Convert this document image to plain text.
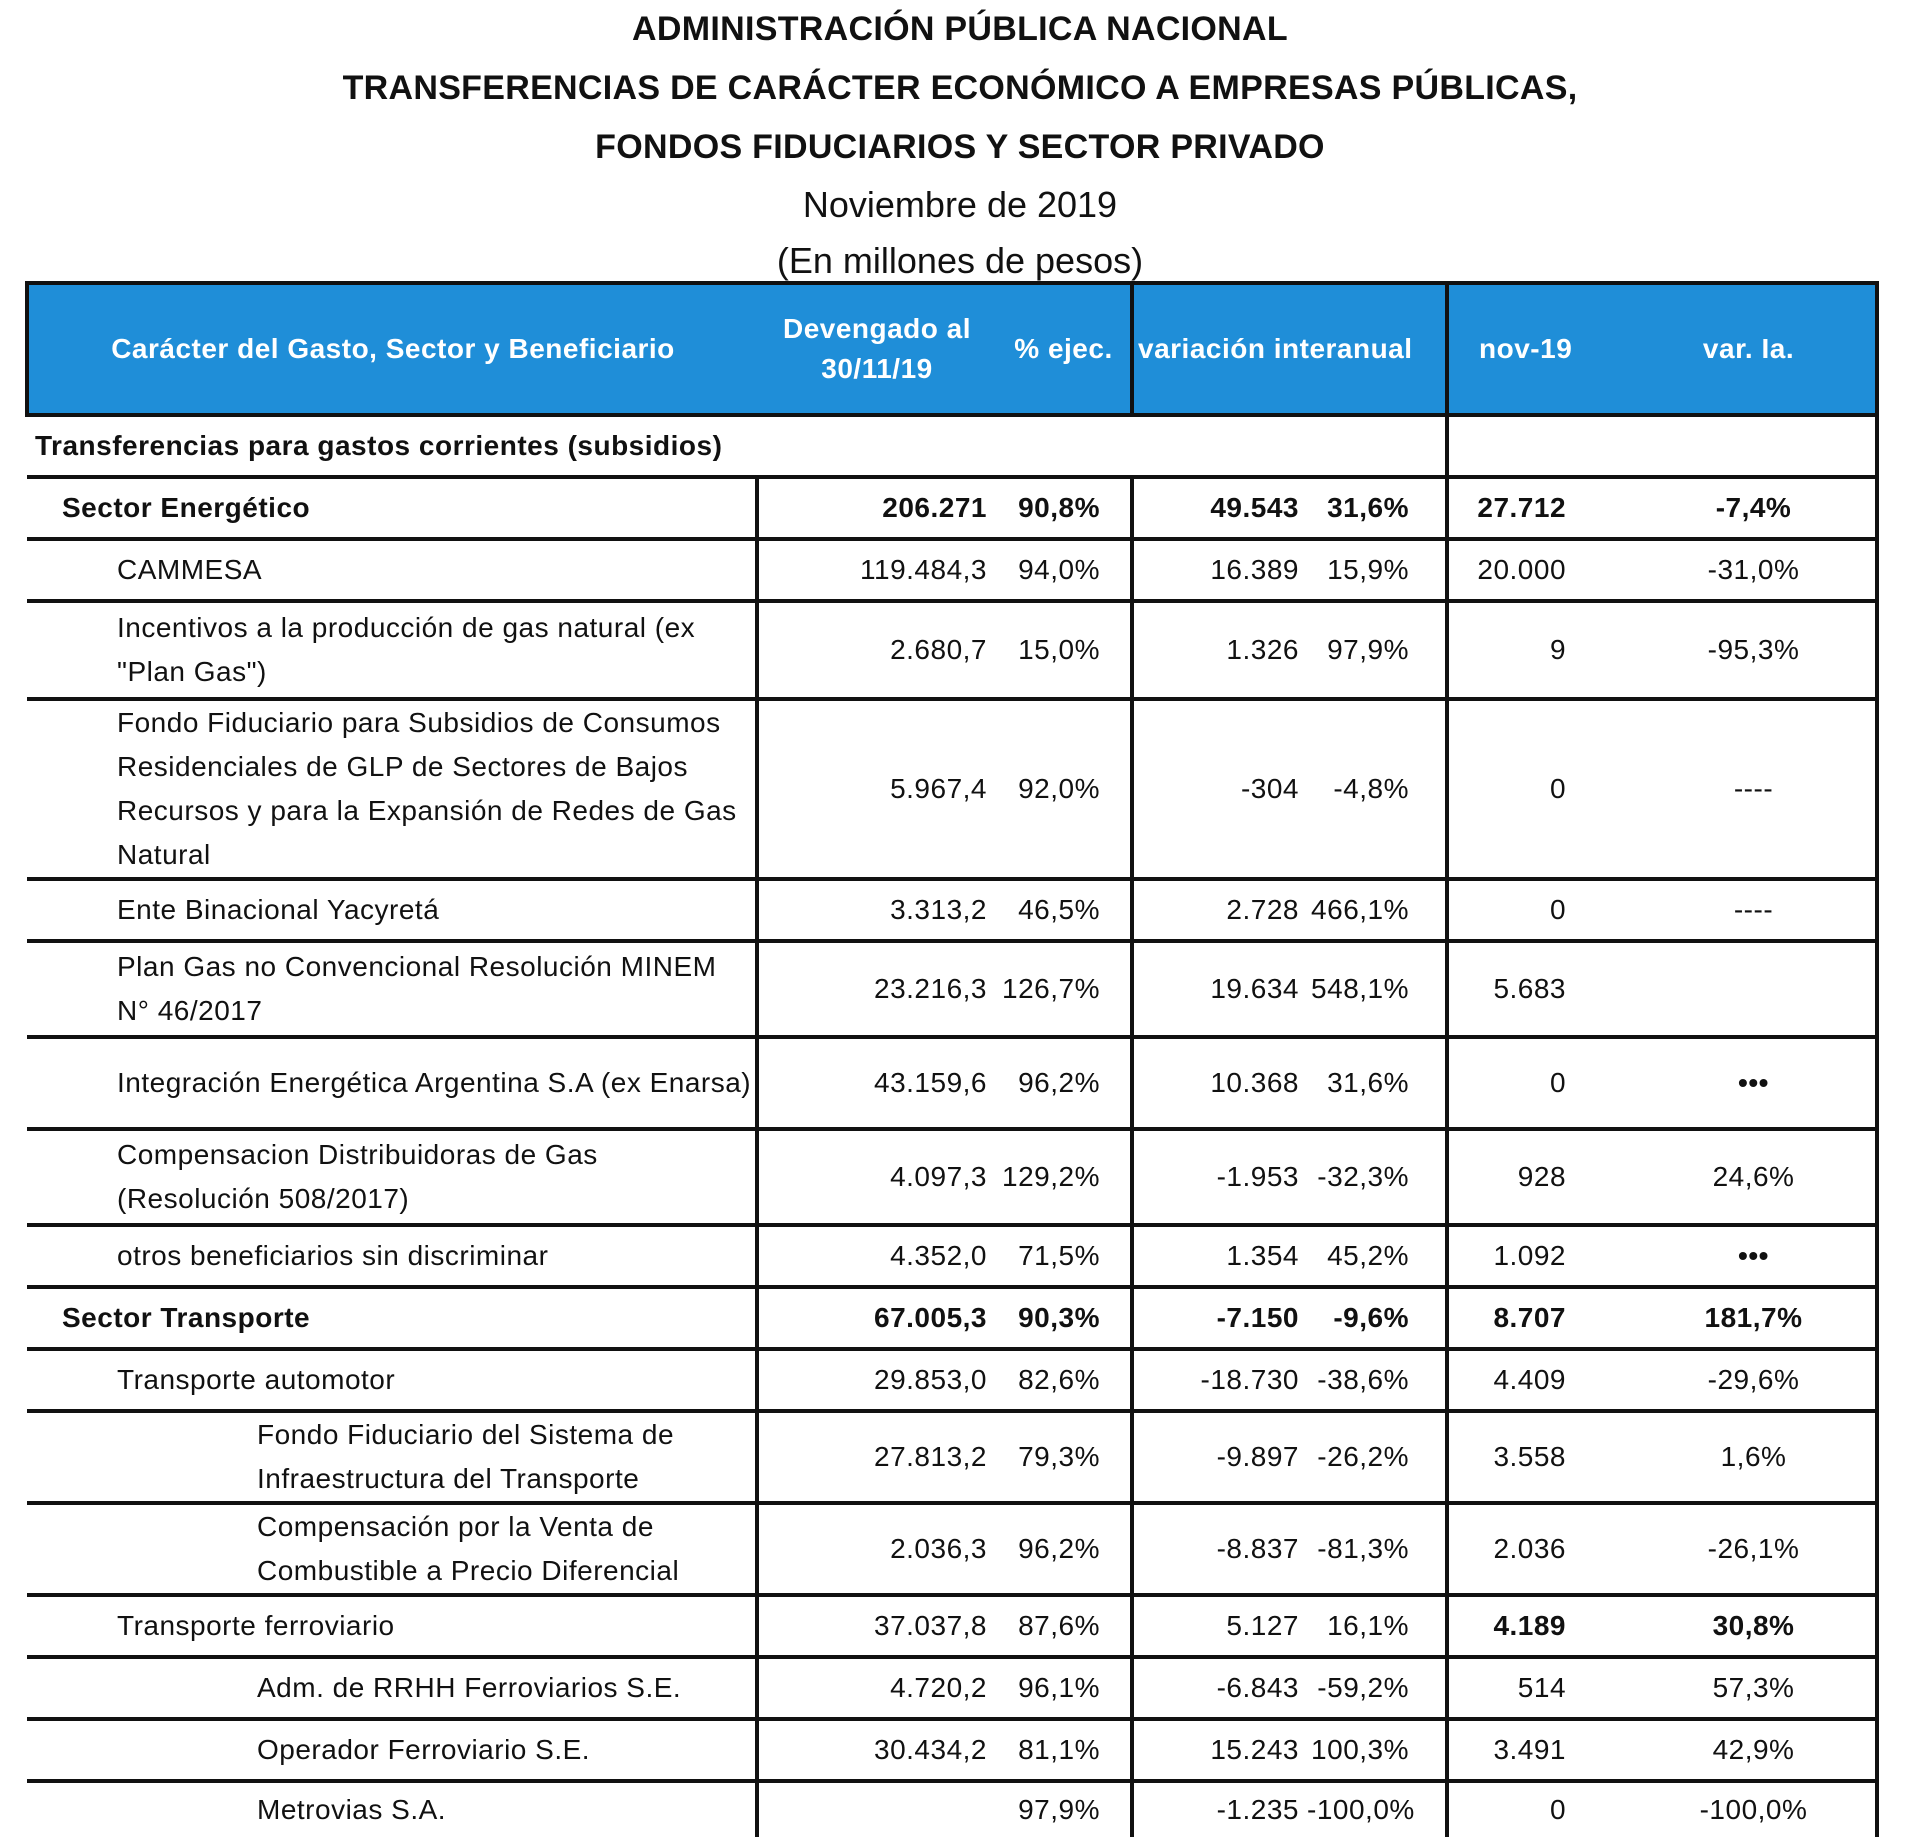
ADMINISTRACIÓN PÚBLICA NACIONAL
TRANSFERENCIAS DE CARÁCTER ECONÓMICO A EMPRESAS PÚBLICAS,
FONDOS FIDUCIARIOS Y SECTOR PRIVADO
Noviembre de 2019
(En millones de pesos)
Carácter del Gasto, Sector y Beneficiario	Devengado al 30/11/19	% ejec.	variación interanual		nov-19	var. Ia.
Transferencias para gastos corrientes (subsidios)						
Sector Energético	206.271	90,8%	49.543	31,6%	27.712	-7,4%
CAMMESA	119.484,3	94,0%	16.389	15,9%	20.000	-31,0%
Incentivos a la producción de gas natural (ex "Plan Gas")	2.680,7	15,0%	1.326	97,9%	9	-95,3%
Fondo Fiduciario para Subsidios de Consumos Residenciales de GLP de Sectores de Bajos Recursos y para la Expansión de Redes de Gas Natural	5.967,4	92,0%	-304	-4,8%	0	----
Ente Binacional Yacyretá	3.313,2	46,5%	2.728	466,1%	0	----
Plan Gas no Convencional Resolución MINEM N° 46/2017	23.216,3	126,7%	19.634	548,1%	5.683	
Integración Energética Argentina S.A (ex Enarsa)	43.159,6	96,2%	10.368	31,6%	0	•••
Compensacion Distribuidoras de Gas (Resolución 508/2017)	4.097,3	129,2%	-1.953	-32,3%	928	24,6%
otros beneficiarios sin discriminar	4.352,0	71,5%	1.354	45,2%	1.092	•••
Sector Transporte	67.005,3	90,3%	-7.150	-9,6%	8.707	181,7%
Transporte automotor	29.853,0	82,6%	-18.730	-38,6%	4.409	-29,6%
Fondo Fiduciario del Sistema de Infraestructura del Transporte	27.813,2	79,3%	-9.897	-26,2%	3.558	1,6%
Compensación por la Venta de Combustible a Precio Diferencial	2.036,3	96,2%	-8.837	-81,3%	2.036	-26,1%
Transporte ferroviario	37.037,8	87,6%	5.127	16,1%	4.189	30,8%
Adm. de RRHH Ferroviarios S.E.	4.720,2	96,1%	-6.843	-59,2%	514	57,3%
Operador Ferroviario S.E.	30.434,2	81,1%	15.243	100,3%	3.491	42,9%
Metrovias S.A.		97,9%	-1.235	-100,0%	0	-100,0%
